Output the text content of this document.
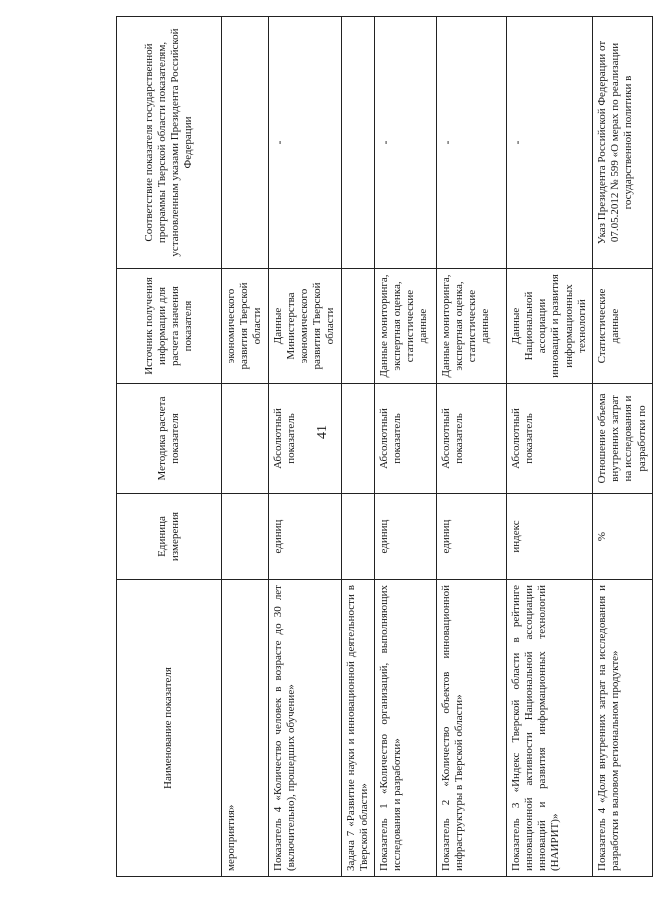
41
Наименование показателя	Единица измерения	Методика расчета показателя	Источник получения информации для расчета значения показателя	Соответствие показателя государственной программы Тверской области показателям, установленным указами Президента Российской Федерации
мероприятия»			экономического развития Тверской области	
Показатель 4 «Количество человек в возрасте до 30 лет (включительно), прошедших обучение»	единиц	Абсолютный показатель	Данные Министерства экономического развития Тверской области	-
Задача 7 «Развитие науки и инновационной деятельности в Тверской области»				
Показатель 1 «Количество организаций, выполняющих исследования и разработки»	единиц	Абсолютный показатель	Данные мониторинга, экспертная оценка, статистические данные	-
Показатель 2 «Количество объектов инновационной инфраструктуры в Тверской области»	единиц	Абсолютный показатель	Данные мониторинга, экспертная оценка, статистические данные	-
Показатель 3 «Индекс Тверской области в рейтинге инновационной активности Национальной ассоциации инноваций и развития информационных технологий (НАИРИТ)»	индекс	Абсолютный показатель	Данные Национальной ассоциации инноваций и развития информационных технологий	-
Показатель 4 «Доля внутренних затрат на исследования и разработки в валовом региональном продукте»	%	Отношение объема внутренних затрат на исследования и разработки по	Статистические данные	Указ Президента Российской Федерации от 07.05.2012 № 599 «О мерах по реализации государственной политики в
